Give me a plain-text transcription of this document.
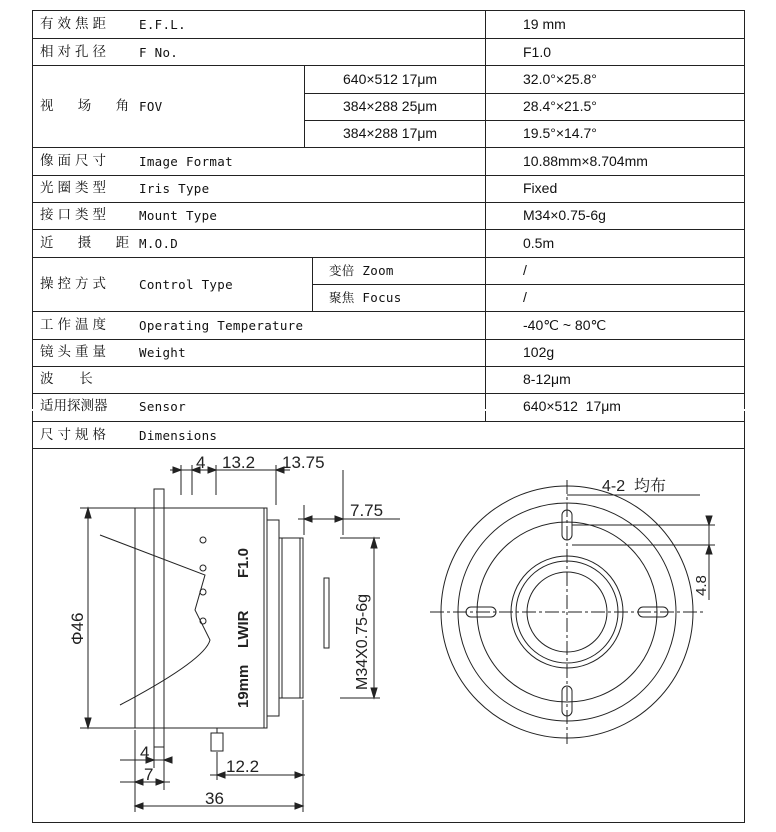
有效焦距 E.F.L.	19 mm
相对孔径 F No.	F1.0
视 场 角 FOV
640×512 17μm	32.0°×25.8°
384×288 25μm	28.4°×21.5°
384×288 17μm	19.5°×14.7°
像面尺寸 Image Format	10.88mm×8.704mm
光圈类型 Iris Type	Fixed
接口类型 Mount Type	M34×0.75-6g
近 摄 距 M.O.D	0.5m
操控方式 Control Type
变倍 Zoom	/
聚焦 Focus	/
工作温度 Operating Temperature	-40℃ ~ 80℃
镜头重量 Weight	102g
波      长	8-12μm
适用探测器	Sensor	640×512  17μm
尺寸规格 Dimensions
4 13.2 13.75
7.75
Φ46	M34X0.75-6g
4
7	12.2
36
LWIR
F1.0
19mm
4-2  均布
4.8
